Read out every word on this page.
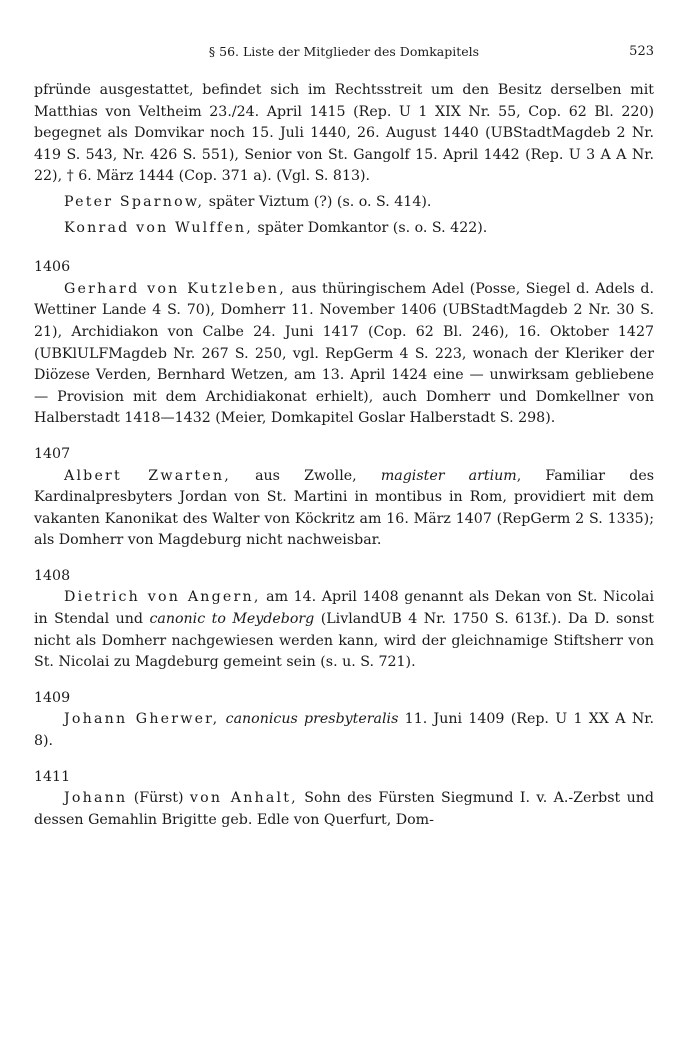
§ 56. Liste der Mitglieder des Domkapitels	523

pfründe ausgestattet, befindet sich im Rechtsstreit um den Besitz derselben mit Matthias von Veltheim 23./24. April 1415 (Rep. U 1 XIX Nr. 55, Cop. 62 Bl. 220) begegnet als Domvikar noch 15. Juli 1440, 26. August 1440 (UBStadtMagdeb 2 Nr. 419 S. 543, Nr. 426 S. 551), Senior von St. Gangolf 15. April 1442 (Rep. U 3 A A Nr. 22), † 6. März 1444 (Cop. 371 a). (Vgl. S. 813).

Peter Sparnow, später Viztum (?) (s. o. S. 414).

Konrad von Wulffen, später Domkantor (s. o. S. 422).

1406

Gerhard von Kutzleben, aus thüringischem Adel (Posse, Siegel d. Adels d. Wettiner Lande 4 S. 70), Domherr 11. November 1406 (UBStadtMagdeb 2 Nr. 30 S. 21), Archidiakon von Calbe 24. Juni 1417 (Cop. 62 Bl. 246), 16. Oktober 1427 (UBKlULFMagdeb Nr. 267 S. 250, vgl. RepGerm 4 S. 223, wonach der Kleriker der Diözese Verden, Bernhard Wetzen, am 13. April 1424 eine — unwirksam gebliebene — Provision mit dem Archidiakonat erhielt), auch Domherr und Domkellner von Halberstadt 1418—1432 (Meier, Domkapitel Goslar Halberstadt S. 298).

1407

Albert Zwarten, aus Zwolle, magister artium, Familiar des Kardinalpresbyters Jordan von St. Martini in montibus in Rom, providiert mit dem vakanten Kanonikat des Walter von Köckritz am 16. März 1407 (RepGerm 2 S. 1335); als Domherr von Magdeburg nicht nachweisbar.

1408

Dietrich von Angern, am 14. April 1408 genannt als Dekan von St. Nicolai in Stendal und canonic to Meydeborg (LivlandUB 4 Nr. 1750 S. 613f.). Da D. sonst nicht als Domherr nachgewiesen werden kann, wird der gleichnamige Stiftsherr von St. Nicolai zu Magdeburg gemeint sein (s. u. S. 721).

1409

Johann Gherwer, canonicus presbyteralis 11. Juni 1409 (Rep. U 1 XX A Nr. 8).

1411

Johann (Fürst) von Anhalt, Sohn des Fürsten Siegmund I. v. A.-Zerbst und dessen Gemahlin Brigitte geb. Edle von Querfurt, Dom-
